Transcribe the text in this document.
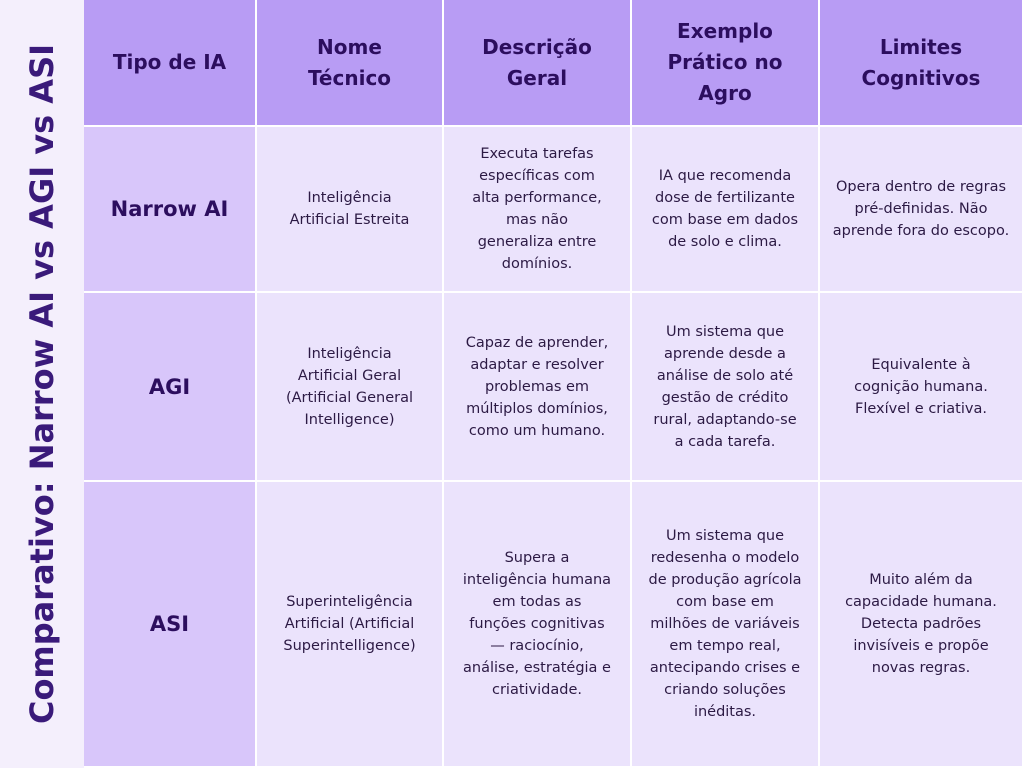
Comparativo: Narrow AI vs AGI vs ASI	Tipo de IA
Nome Técnico
Descrição Geral
Exemplo Prático no Agro
Limites Cognitivos
Narrow AI	Inteligência Artificial Estreita
Executa tarefas específicas com alta performance, mas não generaliza entre domínios.
IA que recomenda dose de fertilizante com base em dados de solo e clima.
Opera dentro de regras pré-definidas. Não aprende fora do escopo.
AGI
Inteligência Artificial Geral (Artificial General Intelligence)
Capaz de aprender, adaptar e resolver problemas em múltiplos domínios, como um humano.
Um sistema que aprende desde a análise de solo até gestão de crédito rural, adaptando-se a cada tarefa.
Equivalente à cognição humana. Flexível e criativa.
ASI
Superinteligência Artificial (Artificial Superintelligence)
Supera a inteligência humana em todas as funções cognitivas — raciocínio, análise, estratégia e criatividade.
Um sistema que redesenha o modelo de produção agrícola com base em milhões de variáveis em tempo real, antecipando crises e criando soluções inéditas.
Muito além da capacidade humana. Detecta padrões invisíveis e propõe novas regras.
